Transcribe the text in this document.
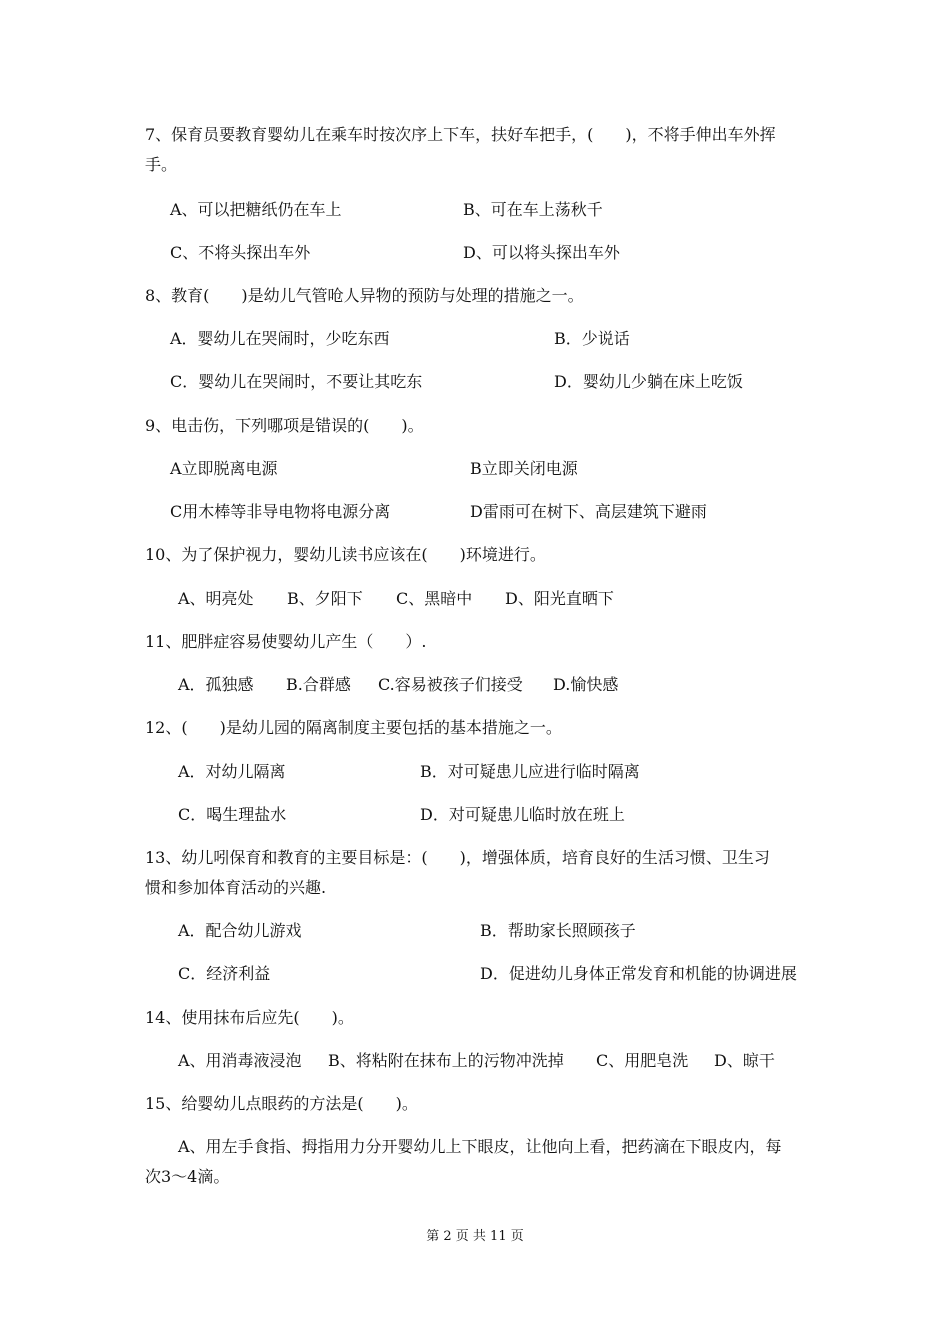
7、保育员要教育婴幼儿在乘车时按次序上下车，扶好车把手，(　　)，不将手伸出车外挥
手。
A、可以把糖纸仍在车上	B、可在车上荡秋千
C、不将头探出车外	D、可以将头探出车外
8、教育(　　)是幼儿气管呛人异物的预防与处理的措施之一。
A．婴幼儿在哭闹时，少吃东西	B．少说话
C．婴幼儿在哭闹时，不要让其吃东	D．婴幼儿少躺在床上吃饭
9、电击伤，下列哪项是错误的(　　)。
A立即脱离电源	B立即关闭电源
C用木棒等非导电物将电源分离	D雷雨可在树下、高层建筑下避雨
10、为了保护视力，婴幼儿读书应该在(　　)环境进行。
A、明亮处 B、夕阳下 C、黑暗中 D、阳光直晒下
11、肥胖症容易使婴幼儿产生（　　）.
A．孤独感 B.合群感 C.容易被孩子们接受 D.愉快感
12、(　　)是幼儿园的隔离制度主要包括的基本措施之一。
A．对幼儿隔离	B．对可疑患儿应进行临时隔离
C．喝生理盐水	D．对可疑患儿临时放在班上
13、幼儿吲保育和教育的主要目标是：(　　)，增强体质，培育良好的生活习惯、卫生习
惯和参加体育活动的兴趣.
A．配合幼儿游戏	B．帮助家长照顾孩子
C．经济利益	D．促进幼儿身体正常发育和机能的协调进展
14、使用抹布后应先(　　)。
A、用消毒液浸泡 B、将粘附在抹布上的污物冲洗掉 C、用肥皂洗 D、晾干
15、给婴幼儿点眼药的方法是(　　)。
A、用左手食指、拇指用力分开婴幼儿上下眼皮，让他向上看，把药滴在下眼皮内，每
次3～4滴。
第 2 页 共 11 页
